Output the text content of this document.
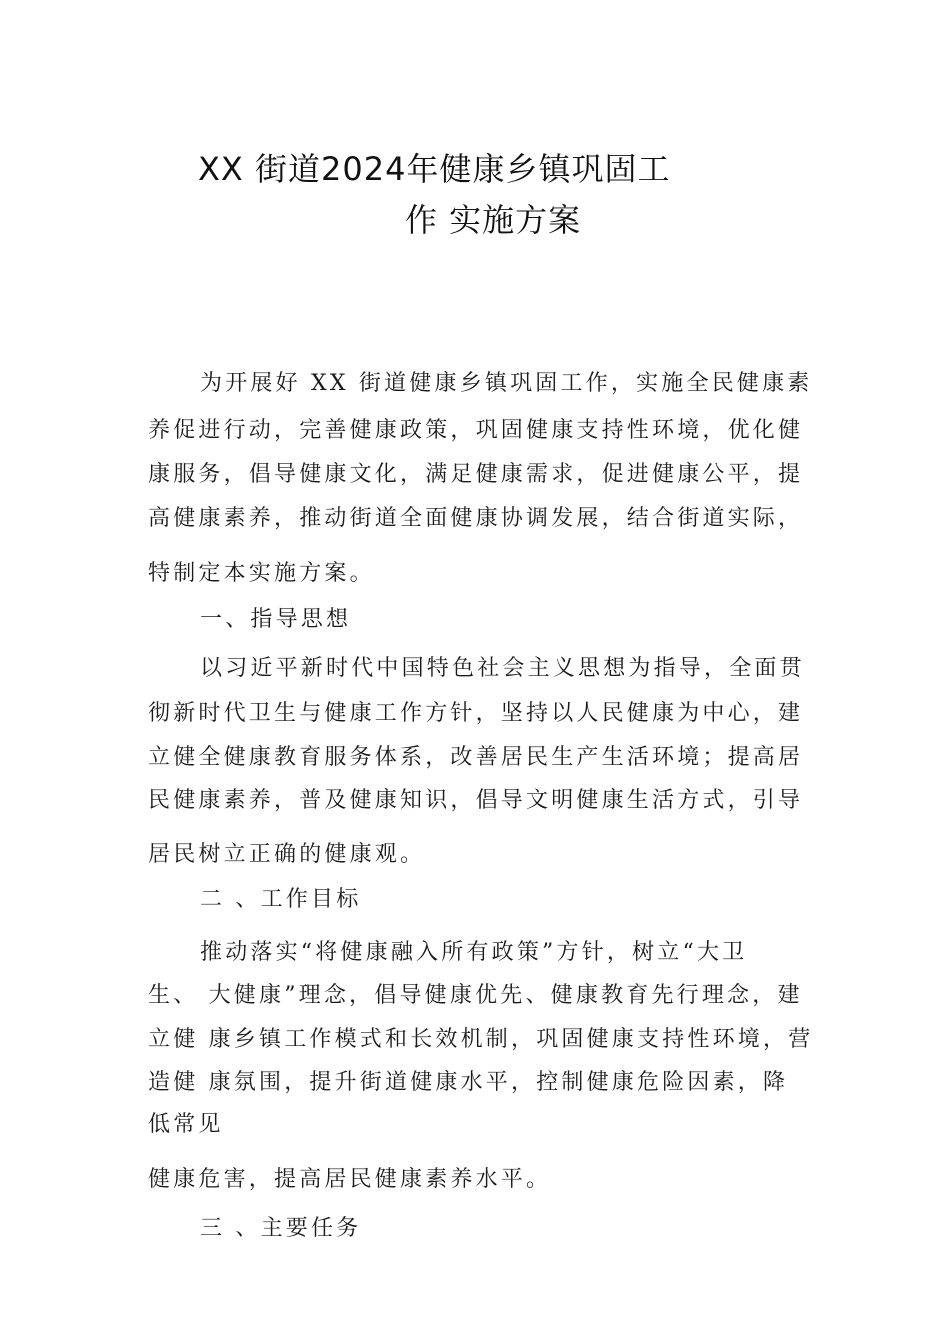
XX 街道2024年健康乡镇巩固工
作 实施方案
为开展好 XX 街道健康乡镇巩固工作，实施全民健康素
养促进行动，完善健康政策，巩固健康支持性环境，优化健
康服务，倡导健康文化，满足健康需求，促进健康公平，提
高健康素养，推动街道全面健康协调发展，结合街道实际，
特制定本实施方案。
一、指导思想
以习近平新时代中国特色社会主义思想为指导，全面贯
彻新时代卫生与健康工作方针，坚持以人民健康为中心，建
立健全健康教育服务体系，改善居民生产生活环境；提高居
民健康素养，普及健康知识，倡导文明健康生活方式，引导
居民树立正确的健康观。
二 、工作目标
推动落实“将健康融入所有政策”方针，树立“大卫
生、 大健康”理念，倡导健康优先、健康教育先行理念，建
立健 康乡镇工作模式和长效机制，巩固健康支持性环境，营
造健 康氛围，提升街道健康水平，控制健康危险因素，降
低常见
健康危害，提高居民健康素养水平。
三 、主要任务
